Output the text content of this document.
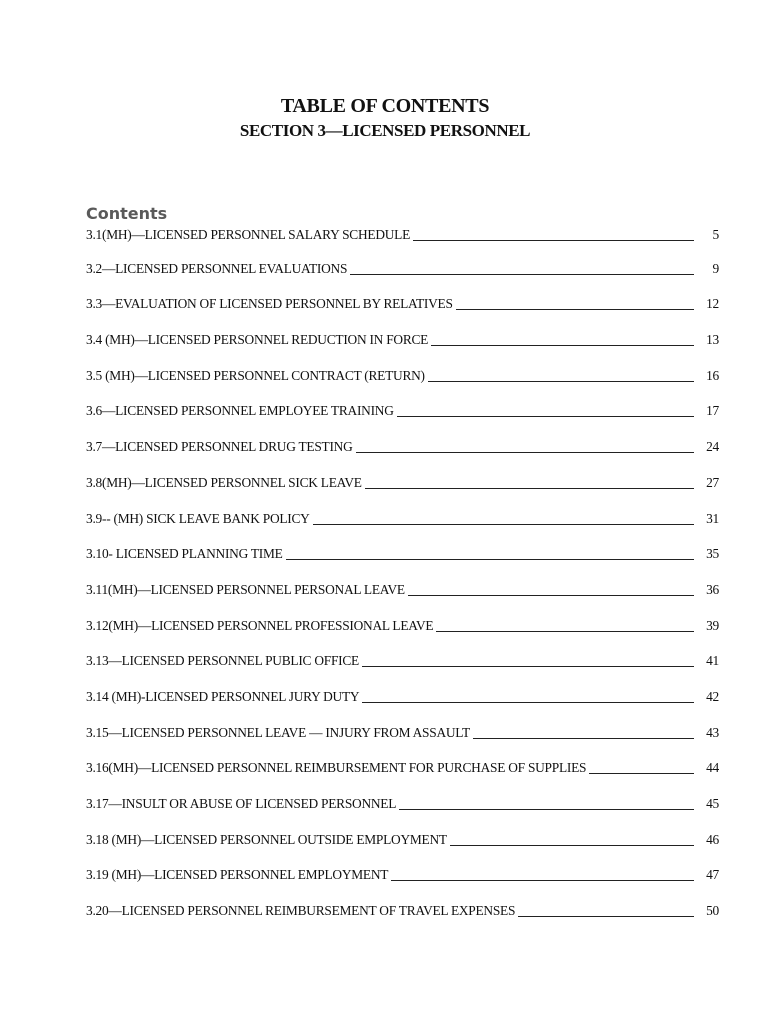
TABLE OF CONTENTS
SECTION 3—LICENSED PERSONNEL
Contents
3.1(MH)—LICENSED PERSONNEL SALARY SCHEDULE	5
3.2—LICENSED PERSONNEL EVALUATIONS	9
3.3—EVALUATION OF LICENSED PERSONNEL BY RELATIVES	12
3.4 (MH)—LICENSED PERSONNEL REDUCTION IN FORCE	13
3.5 (MH)—LICENSED PERSONNEL CONTRACT (RETURN)	16
3.6—LICENSED PERSONNEL EMPLOYEE TRAINING	17
3.7—LICENSED PERSONNEL DRUG TESTING	24
3.8(MH)—LICENSED PERSONNEL SICK LEAVE	27
3.9-- (MH) SICK LEAVE BANK POLICY	31
3.10- LICENSED PLANNING TIME	35
3.11(MH)—LICENSED PERSONNEL PERSONAL LEAVE	36
3.12(MH)—LICENSED PERSONNEL PROFESSIONAL LEAVE	39
3.13—LICENSED PERSONNEL PUBLIC OFFICE	41
3.14 (MH)-LICENSED PERSONNEL JURY DUTY	42
3.15—LICENSED PERSONNEL LEAVE — INJURY FROM ASSAULT	43
3.16(MH)—LICENSED PERSONNEL REIMBURSEMENT FOR PURCHASE OF SUPPLIES	44
3.17—INSULT OR ABUSE OF LICENSED PERSONNEL	45
3.18 (MH)—LICENSED PERSONNEL OUTSIDE EMPLOYMENT	46
3.19 (MH)—LICENSED PERSONNEL EMPLOYMENT	47
3.20—LICENSED PERSONNEL REIMBURSEMENT OF TRAVEL EXPENSES	50
